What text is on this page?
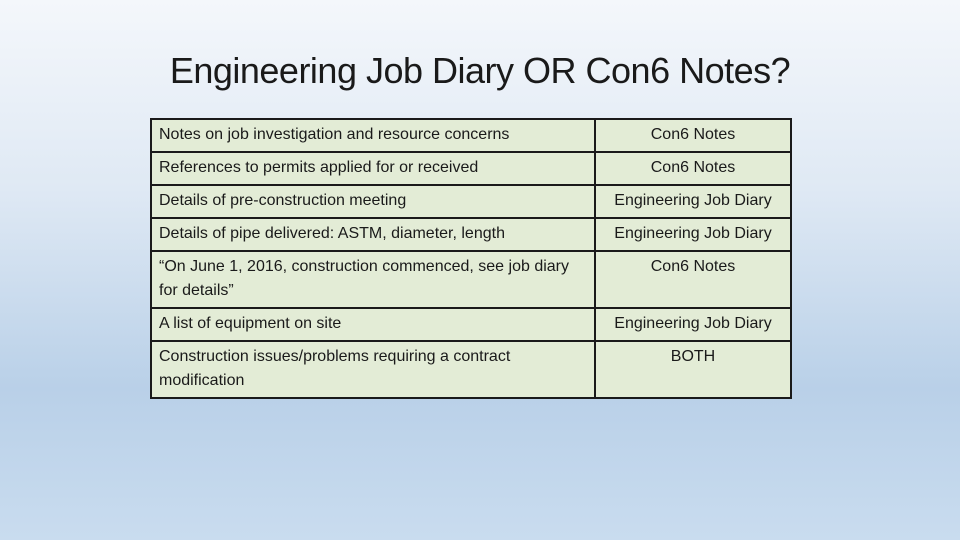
Engineering Job Diary OR Con6 Notes?
Notes on job investigation and resource concerns	Con6 Notes
References to permits applied for or received	Con6 Notes
Details of pre-construction meeting	Engineering Job Diary
Details of pipe delivered: ASTM, diameter, length	Engineering Job Diary
“On June 1, 2016, construction commenced, see job diary for details”	Con6 Notes
A list of equipment on site	Engineering Job Diary
Construction issues/problems requiring a contract modification	BOTH
